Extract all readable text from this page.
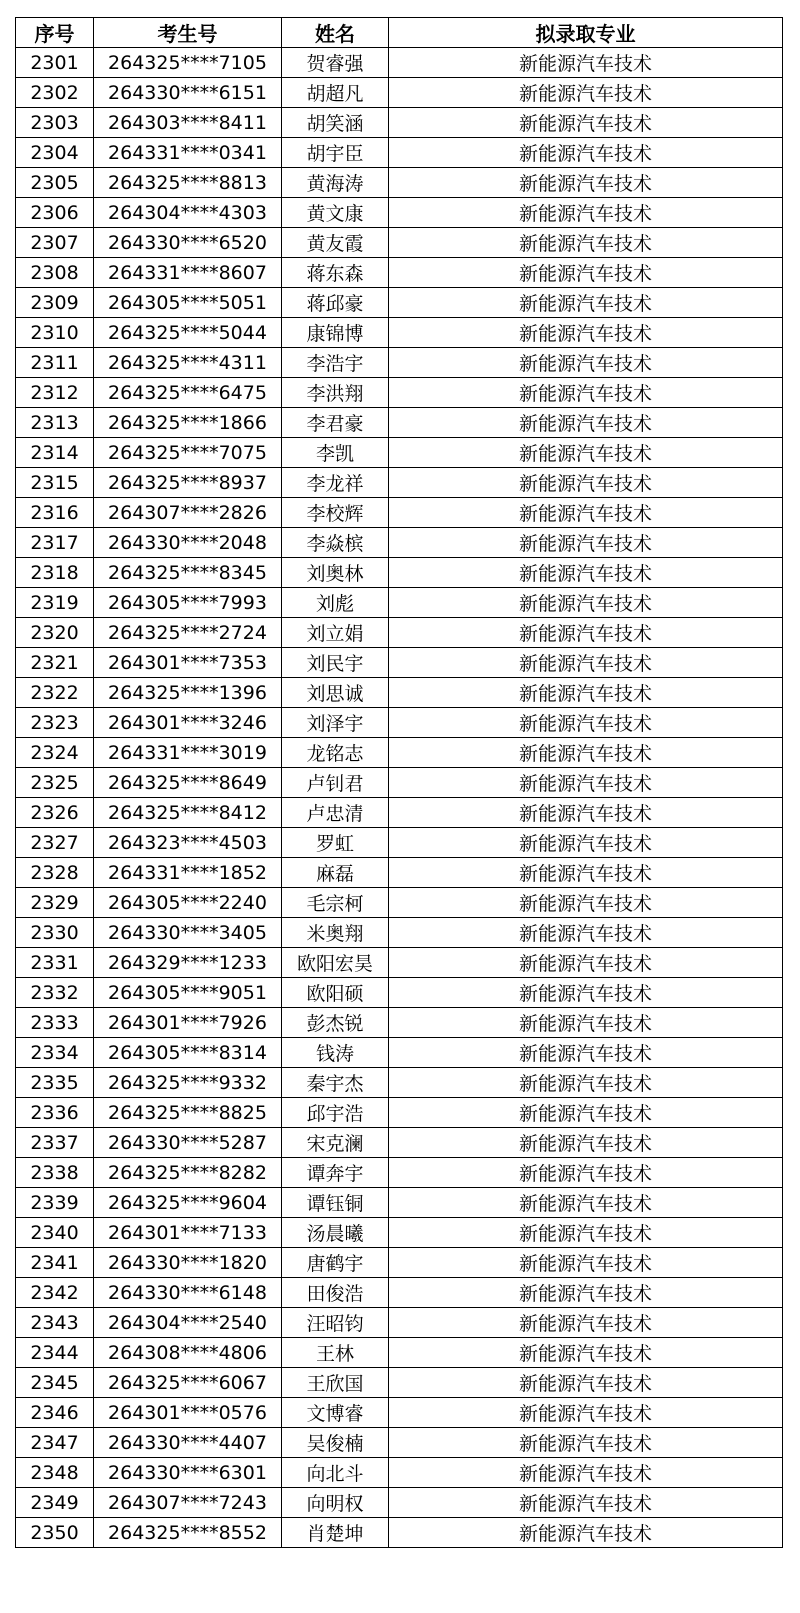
序号	考生号	姓名	拟录取专业
2301	264325****7105	贺睿强	新能源汽车技术
2302	264330****6151	胡超凡	新能源汽车技术
2303	264303****8411	胡笑涵	新能源汽车技术
2304	264331****0341	胡宇臣	新能源汽车技术
2305	264325****8813	黄海涛	新能源汽车技术
2306	264304****4303	黄文康	新能源汽车技术
2307	264330****6520	黄友霞	新能源汽车技术
2308	264331****8607	蒋东森	新能源汽车技术
2309	264305****5051	蒋邱豪	新能源汽车技术
2310	264325****5044	康锦博	新能源汽车技术
2311	264325****4311	李浩宇	新能源汽车技术
2312	264325****6475	李洪翔	新能源汽车技术
2313	264325****1866	李君豪	新能源汽车技术
2314	264325****7075	李凯	新能源汽车技术
2315	264325****8937	李龙祥	新能源汽车技术
2316	264307****2826	李校辉	新能源汽车技术
2317	264330****2048	李焱槟	新能源汽车技术
2318	264325****8345	刘奥林	新能源汽车技术
2319	264305****7993	刘彪	新能源汽车技术
2320	264325****2724	刘立娟	新能源汽车技术
2321	264301****7353	刘民宇	新能源汽车技术
2322	264325****1396	刘思诚	新能源汽车技术
2323	264301****3246	刘泽宇	新能源汽车技术
2324	264331****3019	龙铭志	新能源汽车技术
2325	264325****8649	卢钊君	新能源汽车技术
2326	264325****8412	卢忠清	新能源汽车技术
2327	264323****4503	罗虹	新能源汽车技术
2328	264331****1852	麻磊	新能源汽车技术
2329	264305****2240	毛宗柯	新能源汽车技术
2330	264330****3405	米奥翔	新能源汽车技术
2331	264329****1233	欧阳宏昊	新能源汽车技术
2332	264305****9051	欧阳硕	新能源汽车技术
2333	264301****7926	彭杰锐	新能源汽车技术
2334	264305****8314	钱涛	新能源汽车技术
2335	264325****9332	秦宇杰	新能源汽车技术
2336	264325****8825	邱宇浩	新能源汽车技术
2337	264330****5287	宋克澜	新能源汽车技术
2338	264325****8282	谭奔宇	新能源汽车技术
2339	264325****9604	谭钰铜	新能源汽车技术
2340	264301****7133	汤晨曦	新能源汽车技术
2341	264330****1820	唐鹤宇	新能源汽车技术
2342	264330****6148	田俊浩	新能源汽车技术
2343	264304****2540	汪昭钧	新能源汽车技术
2344	264308****4806	王林	新能源汽车技术
2345	264325****6067	王欣国	新能源汽车技术
2346	264301****0576	文博睿	新能源汽车技术
2347	264330****4407	吴俊楠	新能源汽车技术
2348	264330****6301	向北斗	新能源汽车技术
2349	264307****7243	向明权	新能源汽车技术
2350	264325****8552	肖楚坤	新能源汽车技术
